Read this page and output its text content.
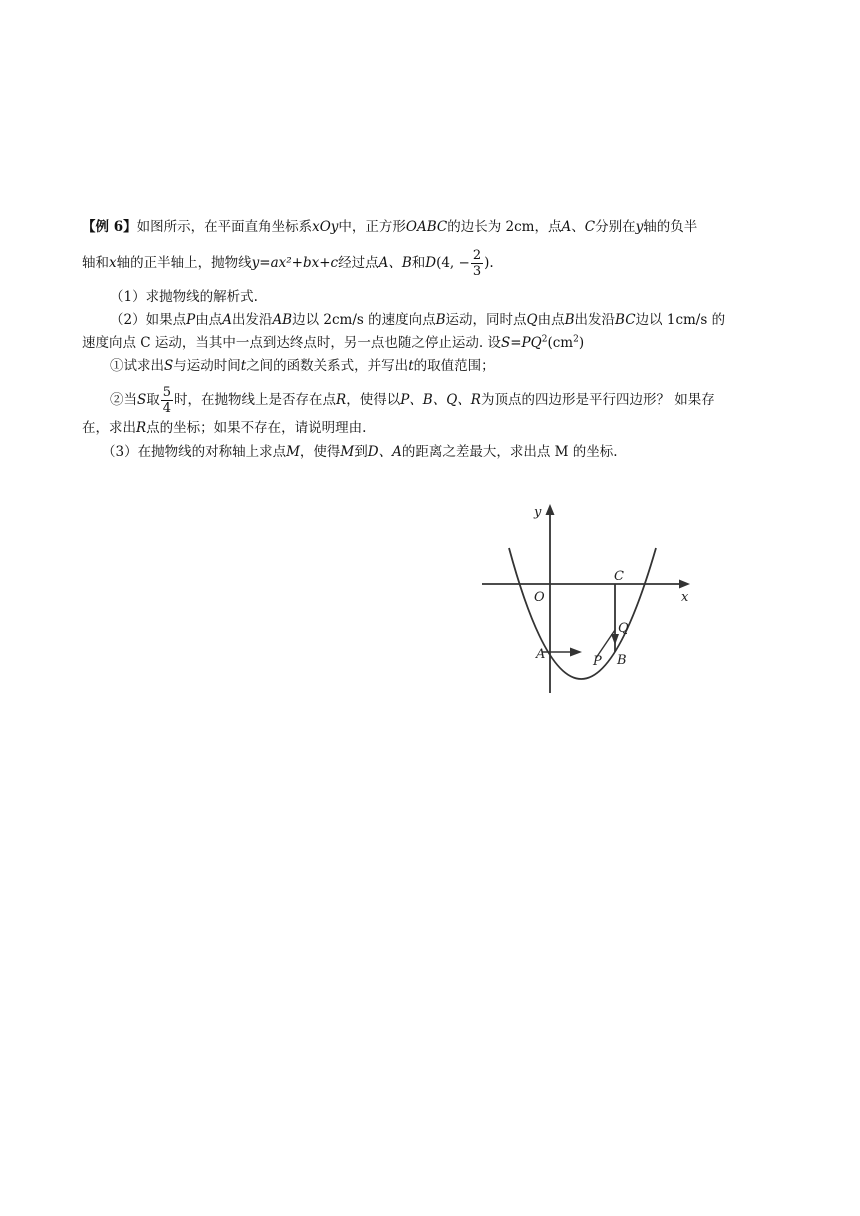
【例 6】如图所示，在平面直角坐标系xOy中，正方形OABC的边长为 2cm，点A、C分别在y轴的负半
轴和x轴的正半轴上，抛物线y=ax²+bx+c经过点A、B和D(4, − $\frac{2}{3}$ ).
（1）求抛物线的解析式.
（2）如果点P由点A出发沿AB边以 2cm/s 的速度向点B运动，同时点Q由点B出发沿BC边以 1cm/s 的
速度向点 C 运动，当其中一点到达终点时，另一点也随之停止运动. 设$S=PQ^2(cm^2)$
①试求出S与运动时间t之间的函数关系式，并写出t的取值范围；
②当S取 $\frac{5}{4}$ 时，在抛物线上是否存在点R，使得以P、B、Q、R为顶点的四边形是平行四边形？ 如果存
在，求出R点的坐标；如果不存在，请说明理由.
（3）在抛物线的对称轴上求点M，使得M到D、A的距离之差最大，求出点 M 的坐标.
y
x
O
C
A	P B
Q
